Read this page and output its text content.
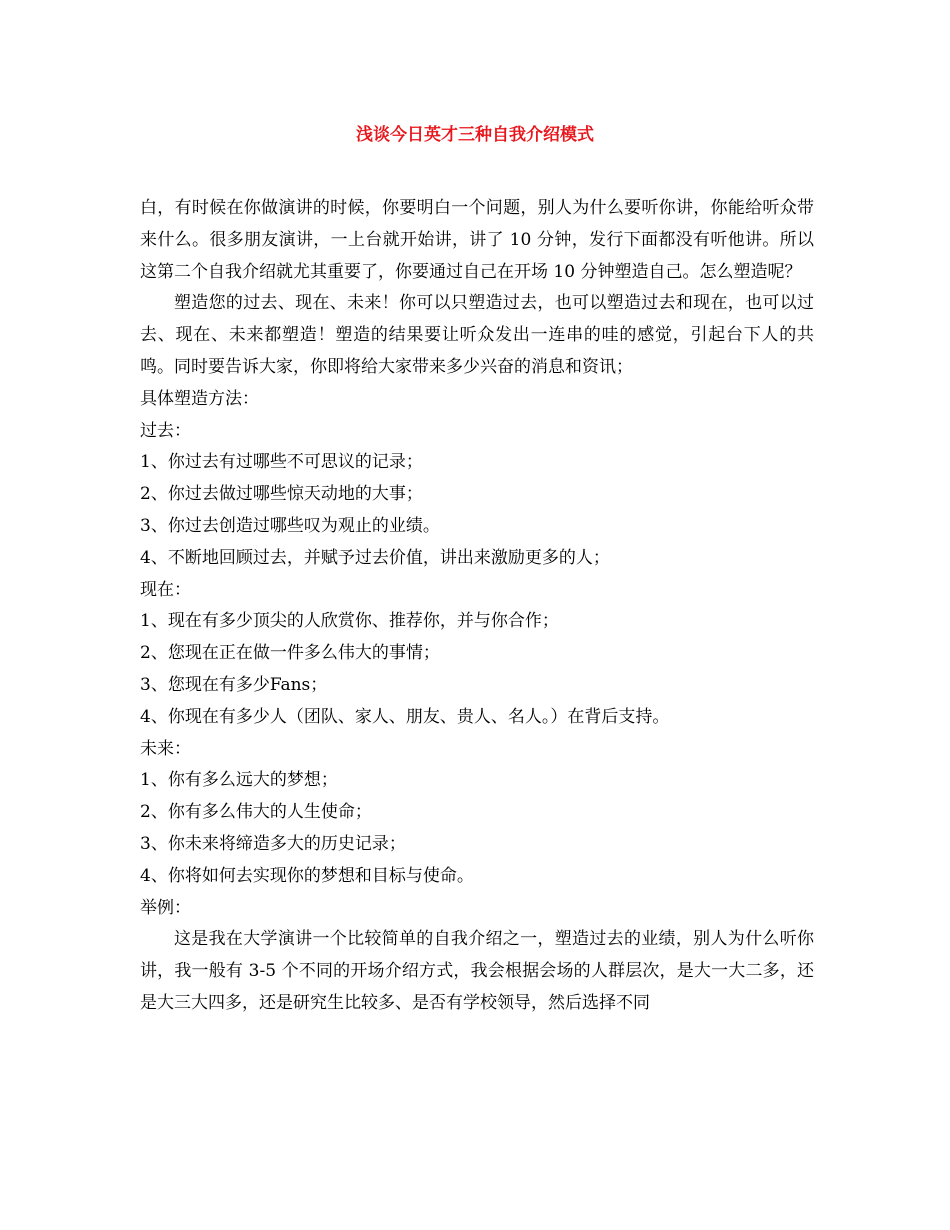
浅谈今日英才三种自我介绍模式

白，有时候在你做演讲的时候，你要明白一个问题，别人为什么要听你讲，你能给听众带来什么。很多朋友演讲，一上台就开始讲，讲了 10 分钟，发行下面都没有听他讲。所以这第二个自我介绍就尤其重要了，你要通过自己在开场 10 分钟塑造自己。怎么塑造呢？

塑造您的过去、现在、未来！你可以只塑造过去，也可以塑造过去和现在，也可以过去、现在、未来都塑造！塑造的结果要让听众发出一连串的哇的感觉，引起台下人的共鸣。同时要告诉大家，你即将给大家带来多少兴奋的消息和资讯；

具体塑造方法：

过去：

1、你过去有过哪些不可思议的记录；

2、你过去做过哪些惊天动地的大事；

3、你过去创造过哪些叹为观止的业绩。

4、不断地回顾过去，并赋予过去价值，讲出来激励更多的人；

现在：

1、现在有多少顶尖的人欣赏你、推荐你，并与你合作；

2、您现在正在做一件多么伟大的事情；

3、您现在有多少Fans；

4、你现在有多少人（团队、家人、朋友、贵人、名人。）在背后支持。

未来：

1、你有多么远大的梦想；

2、你有多么伟大的人生使命；

3、你未来将缔造多大的历史记录；

4、你将如何去实现你的梦想和目标与使命。

举例：

这是我在大学演讲一个比较简单的自我介绍之一，塑造过去的业绩，别人为什么听你讲，我一般有 3-5 个不同的开场介绍方式，我会根据会场的人群层次，是大一大二多，还是大三大四多，还是研究生比较多、是否有学校领导，然后选择不同
